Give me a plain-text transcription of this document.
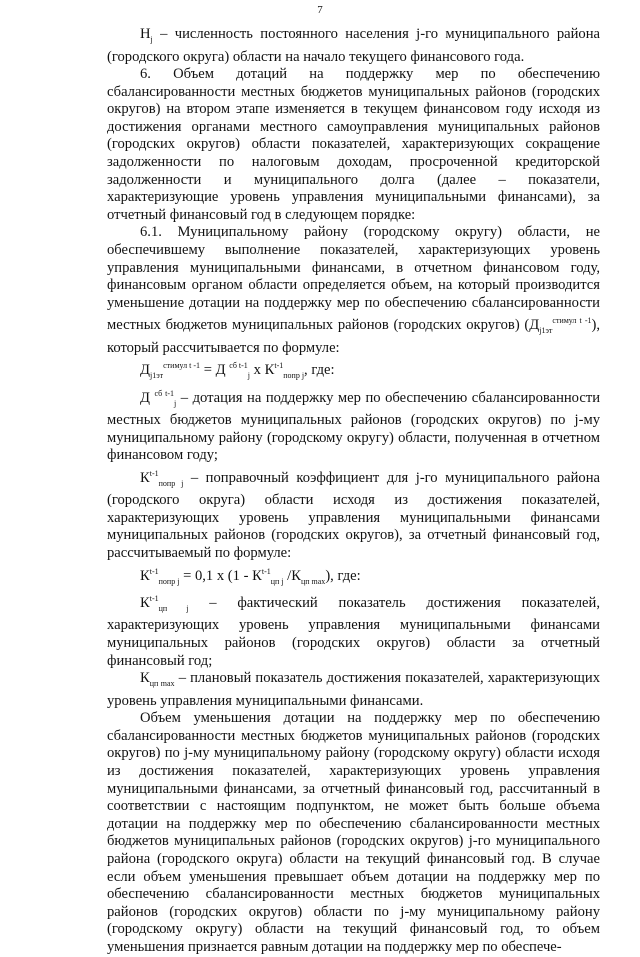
7

$Н_j$ – численность постоянного населения j-го муниципального района (городского округа) области на начало текущего финансового года.

6. Объем дотаций на поддержку мер по обеспечению сбалансированности местных бюджетов муниципальных районов (городских округов) на втором этапе изменяется в текущем финансовом году исходя из достижения органами местного самоуправления муниципальных районов (городских округов) области показателей, характеризующих сокращение задолженности по налоговым доходам, просроченной кредиторской задолженности и муниципального долга (далее – показатели, характеризующие уровень управления муниципальными финансами), за отчетный финансовый год в следующем порядке:

6.1. Муниципальному району (городскому округу) области, не обеспечившему выполнение показателей, характеризующих уровень управления муниципальными финансами, в отчетном финансовом году, финансовым органом области определяется объем, на который производится уменьшение дотации на поддержку мер по обеспечению сбалансированности местных бюджетов муниципальных районов (городских округов) $(Д_{j1эт}^{стимул t -1})$, который рассчитывается по формуле:

$Д_{j1эт}^{стимул t -1} = Д$ $^{сб t-1}_j$ х $К^{t-1}_{попр j}$, где:

Д $^{сб t-1}_j$ – дотация на поддержку мер по обеспечению сбалансированности местных бюджетов муниципальных районов (городских округов) по j-му муниципальному району (городскому округу) области, полученная в отчетном финансовом году;

$К^{t-1}_{попр j}$ – поправочный коэффициент для j-го муниципального района (городского округа) области исходя из достижения показателей, характеризующих уровень управления муниципальными финансами муниципальных районов (городских округов), за отчетный финансовый год, рассчитываемый по формуле:

$К^{t-1}_{попр j} = 0,1$ х ($1 - К^{t-1}_{цп j}$ $/К_{цп max}$), где:

$К^{t-1}_{цп j}$ – фактический показатель достижения показателей, характеризующих уровень управления муниципальными финансами муниципальных районов (городских округов) области за отчетный финансовый год;

$К_{цп max}$ – плановый показатель достижения показателей, характеризующих уровень управления муниципальными финансами.

Объем уменьшения дотации на поддержку мер по обеспечению сбалансированности местных бюджетов муниципальных районов (городских округов) по j-му муниципальному району (городскому округу) области исходя из достижения показателей, характеризующих уровень управления муниципальными финансами, за отчетный финансовый год, рассчитанный в соответствии с настоящим подпунктом, не может быть больше объема дотации на поддержку мер по обеспечению сбалансированности местных бюджетов муниципальных районов (городских округов) j-го муниципального района (городского округа) области на текущий финансовый год. В случае если объем уменьшения превышает объем дотации на поддержку мер по обеспечению сбалансированности местных бюджетов муниципальных районов (городских округов) области по j-му муниципальному району (городскому округу) области на текущий финансовый год, то объем уменьшения признается равным дотации на поддержку мер по обеспече-
